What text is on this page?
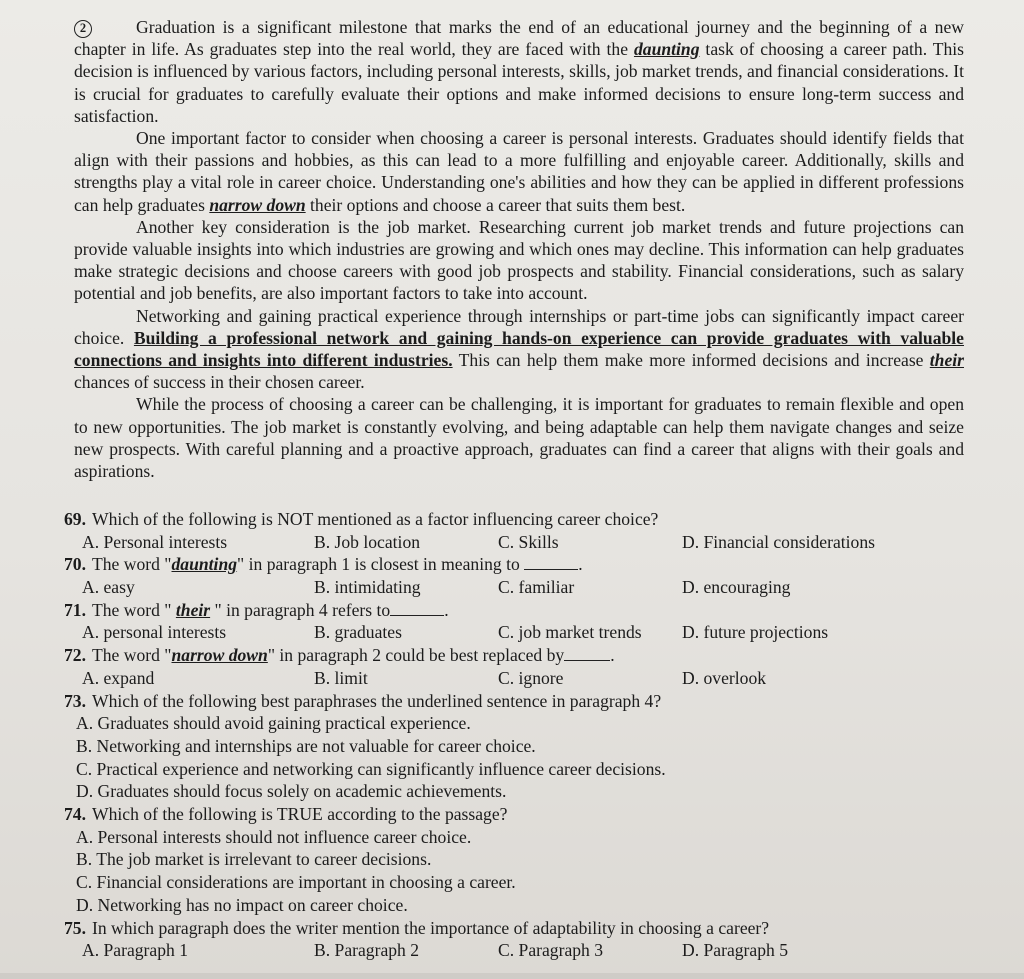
2	Graduation is a significant milestone that marks the end of an educational journey and the beginning of a new chapter in life. As graduates step into the real world, they are faced with the daunting task of choosing a career path. This decision is influenced by various factors, including personal interests, skills, job market trends, and financial considerations. It is crucial for graduates to carefully evaluate their options and make informed decisions to ensure long-term success and satisfaction.

One important factor to consider when choosing a career is personal interests. Graduates should identify fields that align with their passions and hobbies, as this can lead to a more fulfilling and enjoyable career. Additionally, skills and strengths play a vital role in career choice. Understanding one's abilities and how they can be applied in different professions can help graduates narrow down their options and choose a career that suits them best.

Another key consideration is the job market. Researching current job market trends and future projections can provide valuable insights into which industries are growing and which ones may decline. This information can help graduates make strategic decisions and choose careers with good job prospects and stability. Financial considerations, such as salary potential and job benefits, are also important factors to take into account.

Networking and gaining practical experience through internships or part-time jobs can significantly impact career choice. Building a professional network and gaining hands-on experience can provide graduates with valuable connections and insights into different industries. This can help them make more informed decisions and increase their chances of success in their chosen career.

While the process of choosing a career can be challenging, it is important for graduates to remain flexible and open to new opportunities. The job market is constantly evolving, and being adaptable can help them navigate changes and seize new prospects. With careful planning and a proactive approach, graduates can find a career that aligns with their goals and aspirations.

69. Which of the following is NOT mentioned as a factor influencing career choice?

A. Personal interests	B. Job location	C. Skills	D. Financial considerations

70. The word "daunting" in paragraph 1 is closest in meaning to	.

A. easy	B. intimidating	C. familiar	D. encouraging

71. The word " their " in paragraph 4 refers to	.

A. personal interests	B. graduates	C. job market trends D. future projections

72. The word "narrow down" in paragraph 2 could be best replaced by	.

A. expand	B. limit	C. ignore	D. overlook

73. Which of the following best paraphrases the underlined sentence in paragraph 4?

A. Graduates should avoid gaining practical experience.

B. Networking and internships are not valuable for career choice.

C. Practical experience and networking can significantly influence career decisions.

D. Graduates should focus solely on academic achievements.

74. Which of the following is TRUE according to the passage?

A. Personal interests should not influence career choice.

B. The job market is irrelevant to career decisions.

C. Financial considerations are important in choosing a career.

D. Networking has no impact on career choice.

75. In which paragraph does the writer mention the importance of adaptability in choosing a career?

A. Paragraph 1	B. Paragraph 2	C. Paragraph 3	D. Paragraph 5
